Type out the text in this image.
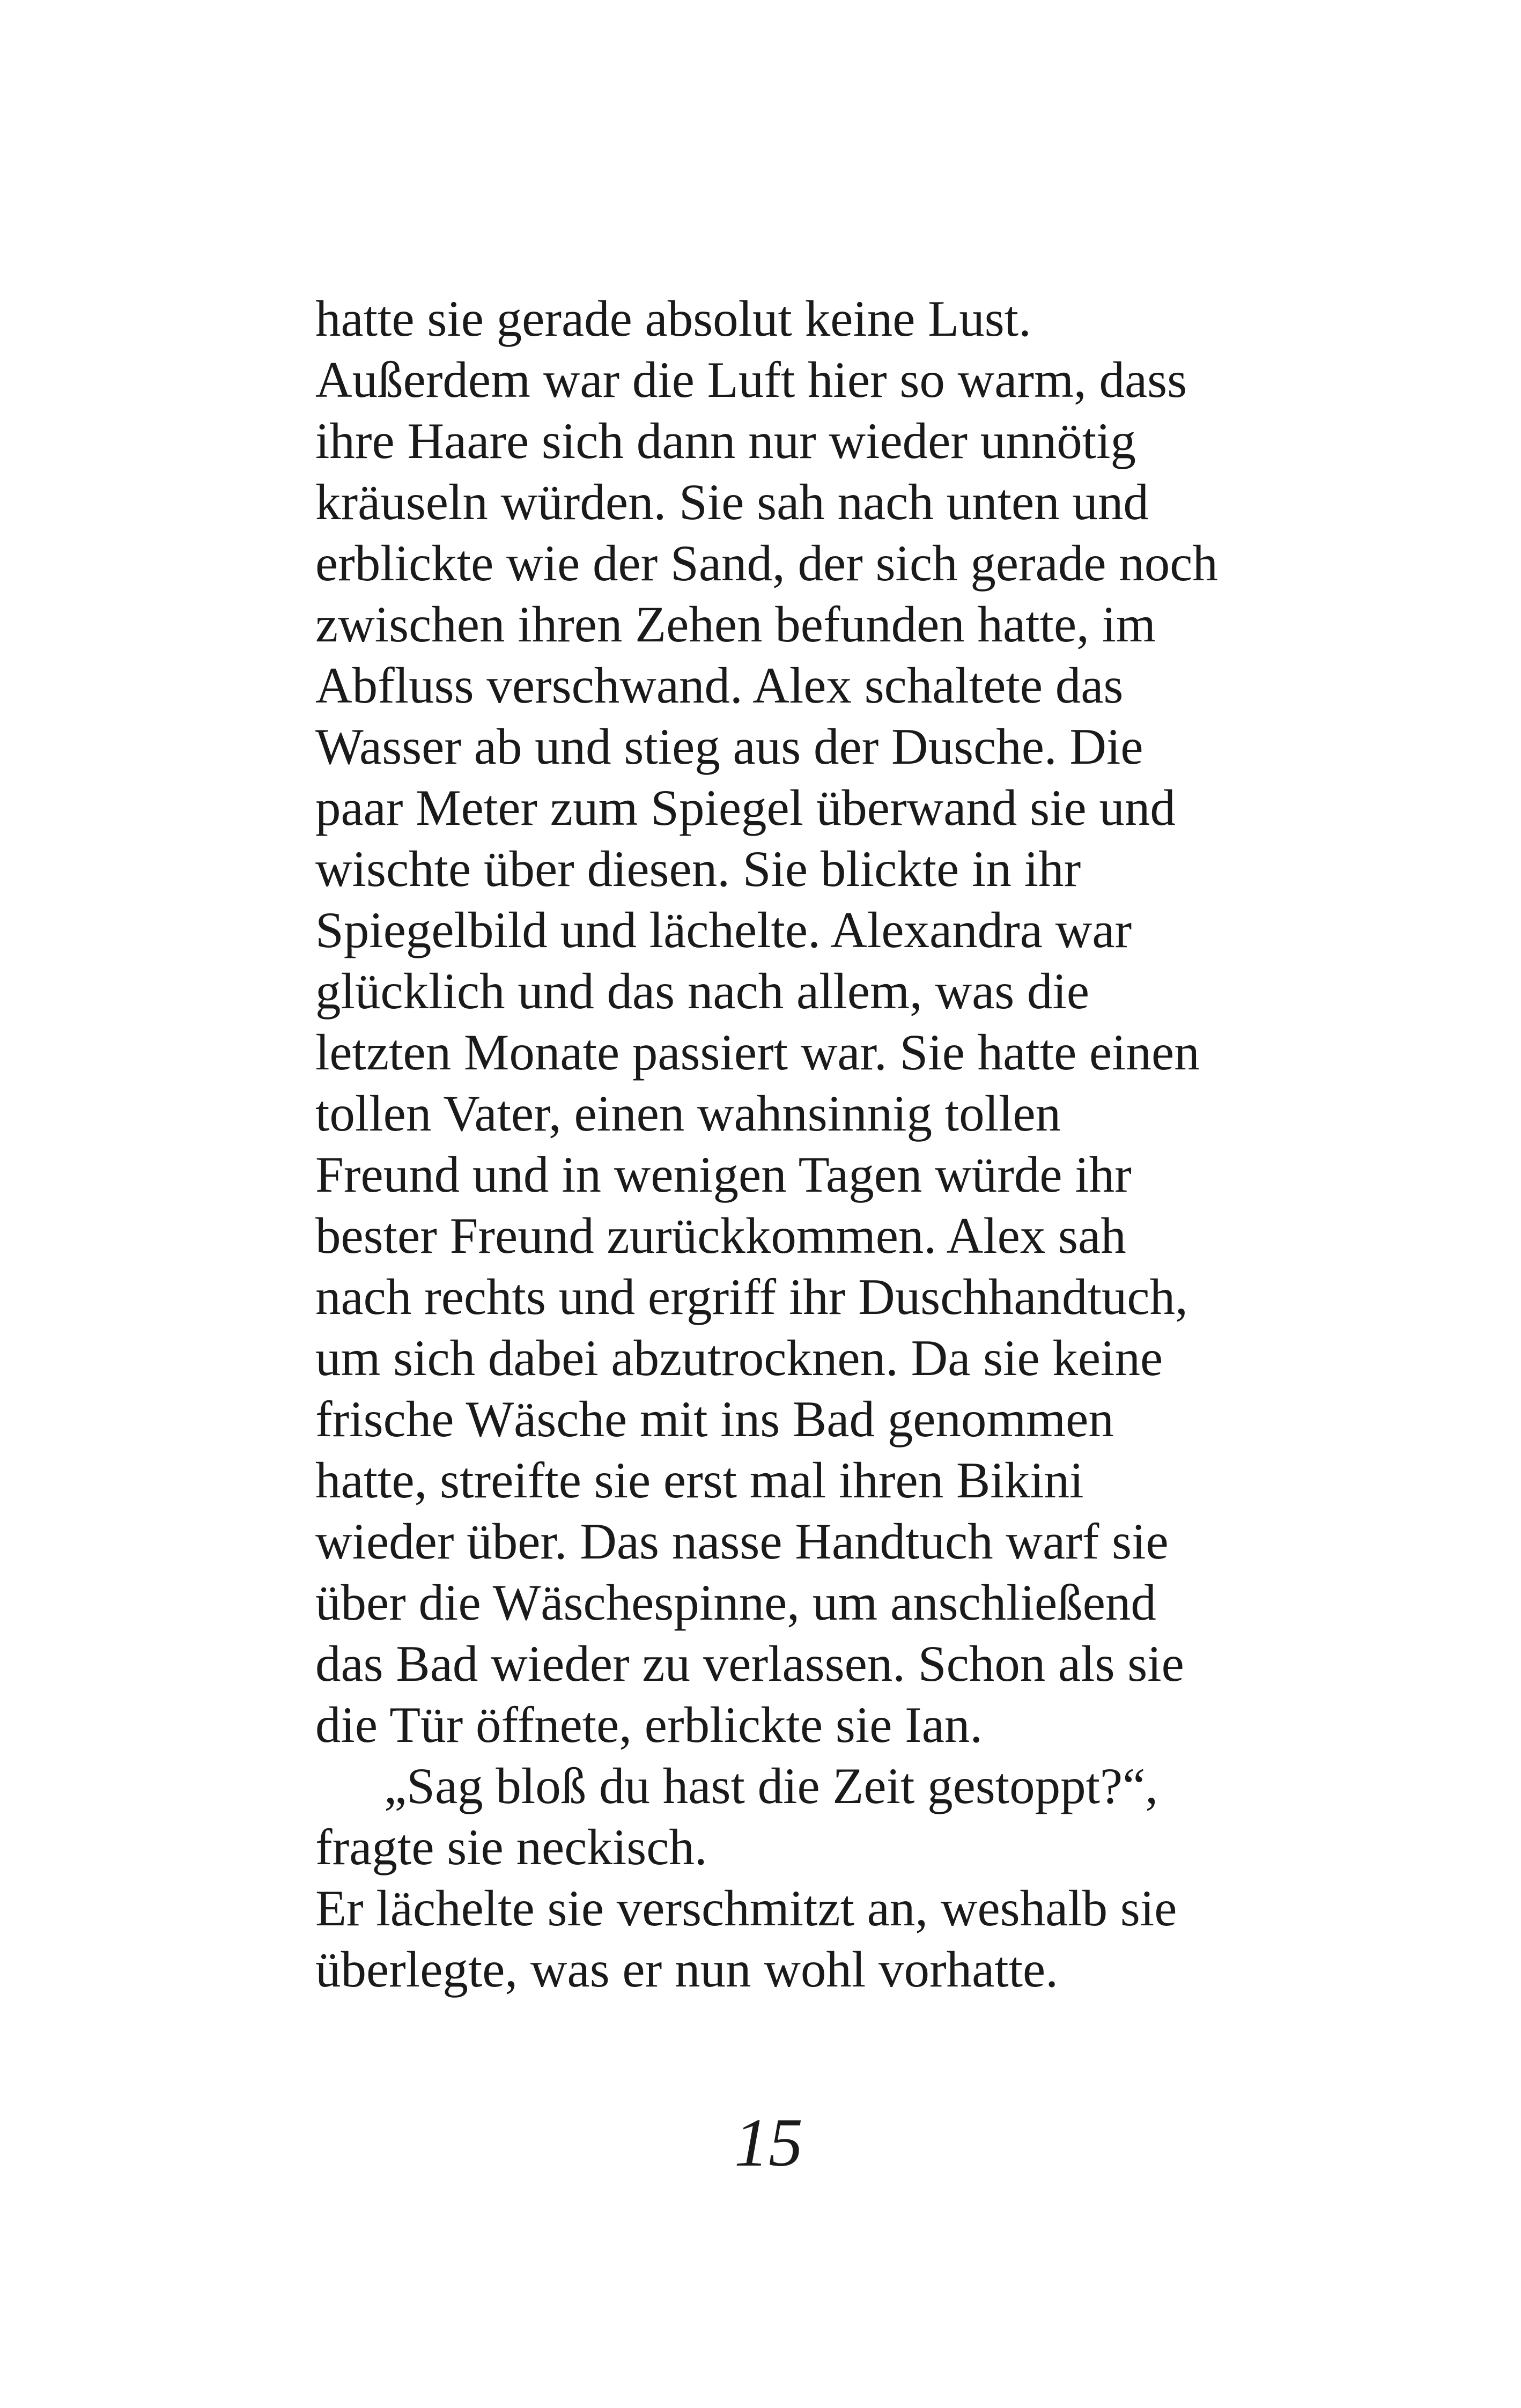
hatte sie gerade absolut keine Lust.
Außerdem war die Luft hier so warm, dass
ihre Haare sich dann nur wieder unnötig
kräuseln würden. Sie sah nach unten und
erblickte wie der Sand, der sich gerade noch
zwischen ihren Zehen befunden hatte, im
Abfluss verschwand. Alex schaltete das
Wasser ab und stieg aus der Dusche. Die
paar Meter zum Spiegel überwand sie und
wischte über diesen. Sie blickte in ihr
Spiegelbild und lächelte. Alexandra war
glücklich und das nach allem, was die
letzten Monate passiert war. Sie hatte einen
tollen Vater, einen wahnsinnig tollen
Freund und in wenigen Tagen würde ihr
bester Freund zurückkommen. Alex sah
nach rechts und ergriff ihr Duschhandtuch,
um sich dabei abzutrocknen. Da sie keine
frische Wäsche mit ins Bad genommen
hatte, streifte sie erst mal ihren Bikini
wieder über. Das nasse Handtuch warf sie
über die Wäschespinne, um anschließend
das Bad wieder zu verlassen. Schon als sie
die Tür öffnete, erblickte sie Ian.
„Sag bloß du hast die Zeit gestoppt?“,
fragte sie neckisch.
Er lächelte sie verschmitzt an, weshalb sie
überlegte, was er nun wohl vorhatte.
15
